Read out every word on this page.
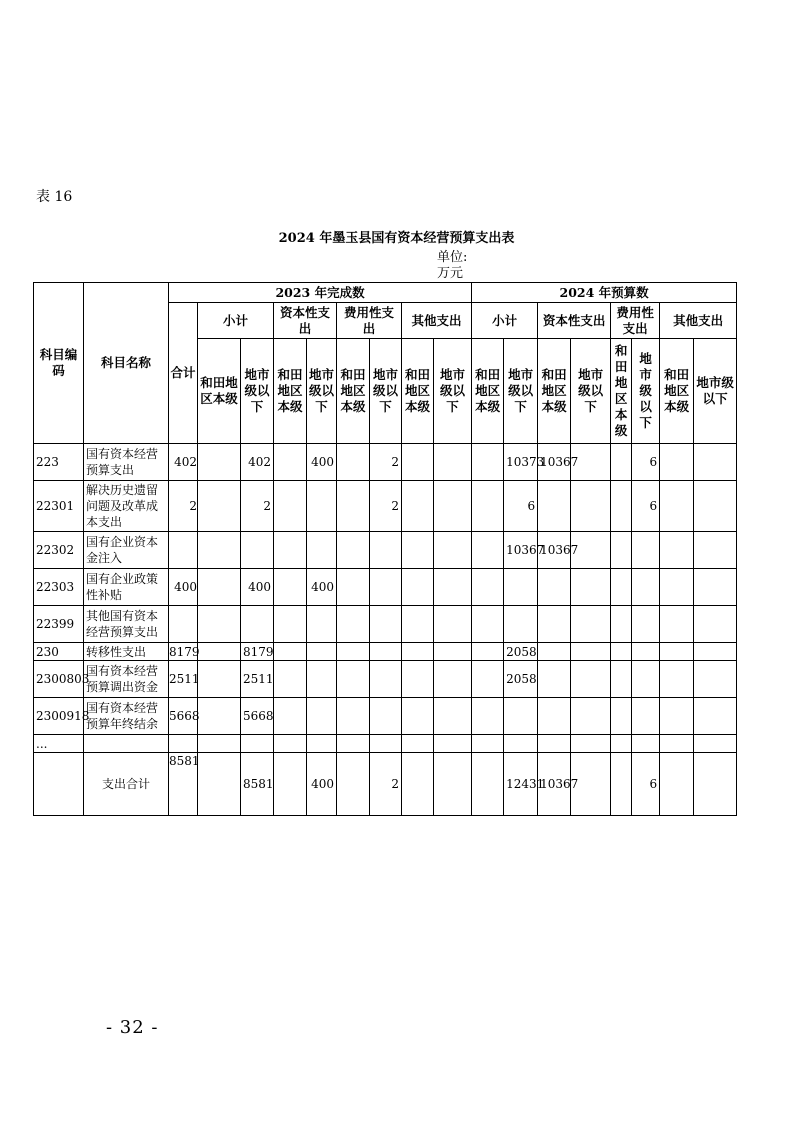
表 16
2024 年墨玉县国有资本经营预算支出表
单位:
万元
科目编码	科目名称	2023 年完成数									2024 年预算数							
		合计	小计		资本性支出		费用性支出		其他支出		小计		资本性支出		费用性支出		其他支出	
			和田地区本级	地市级以下	和田地区本级	地市级以下	和田地区本级	地市级以下	和田地区本级	地市级以下	和田地区本级	地市级以下	和田地区本级	地市级以下	和田地区本级	地市级以下	和田地区本级	地市级以下
223	国有资本经营预算支出	402		402		400		2				10373	10367			6		
22301	解决历史遗留问题及改革成本支出	2		2				2				6				6		
22302	国有企业资本金注入											10367	10367					
22303	国有企业政策性补贴	400		400		400												
22399	其他国有资本经营预算支出																	
230	转移性支出	8179		8179								2058						
2300803	国有资本经营预算调出资金	2511		2511								2058						
2300918	国有资本经营预算年终结余	5668		5668														
...																		
	支出合计	8581		8581		400		2				12431	10367			6		
- 32 -
